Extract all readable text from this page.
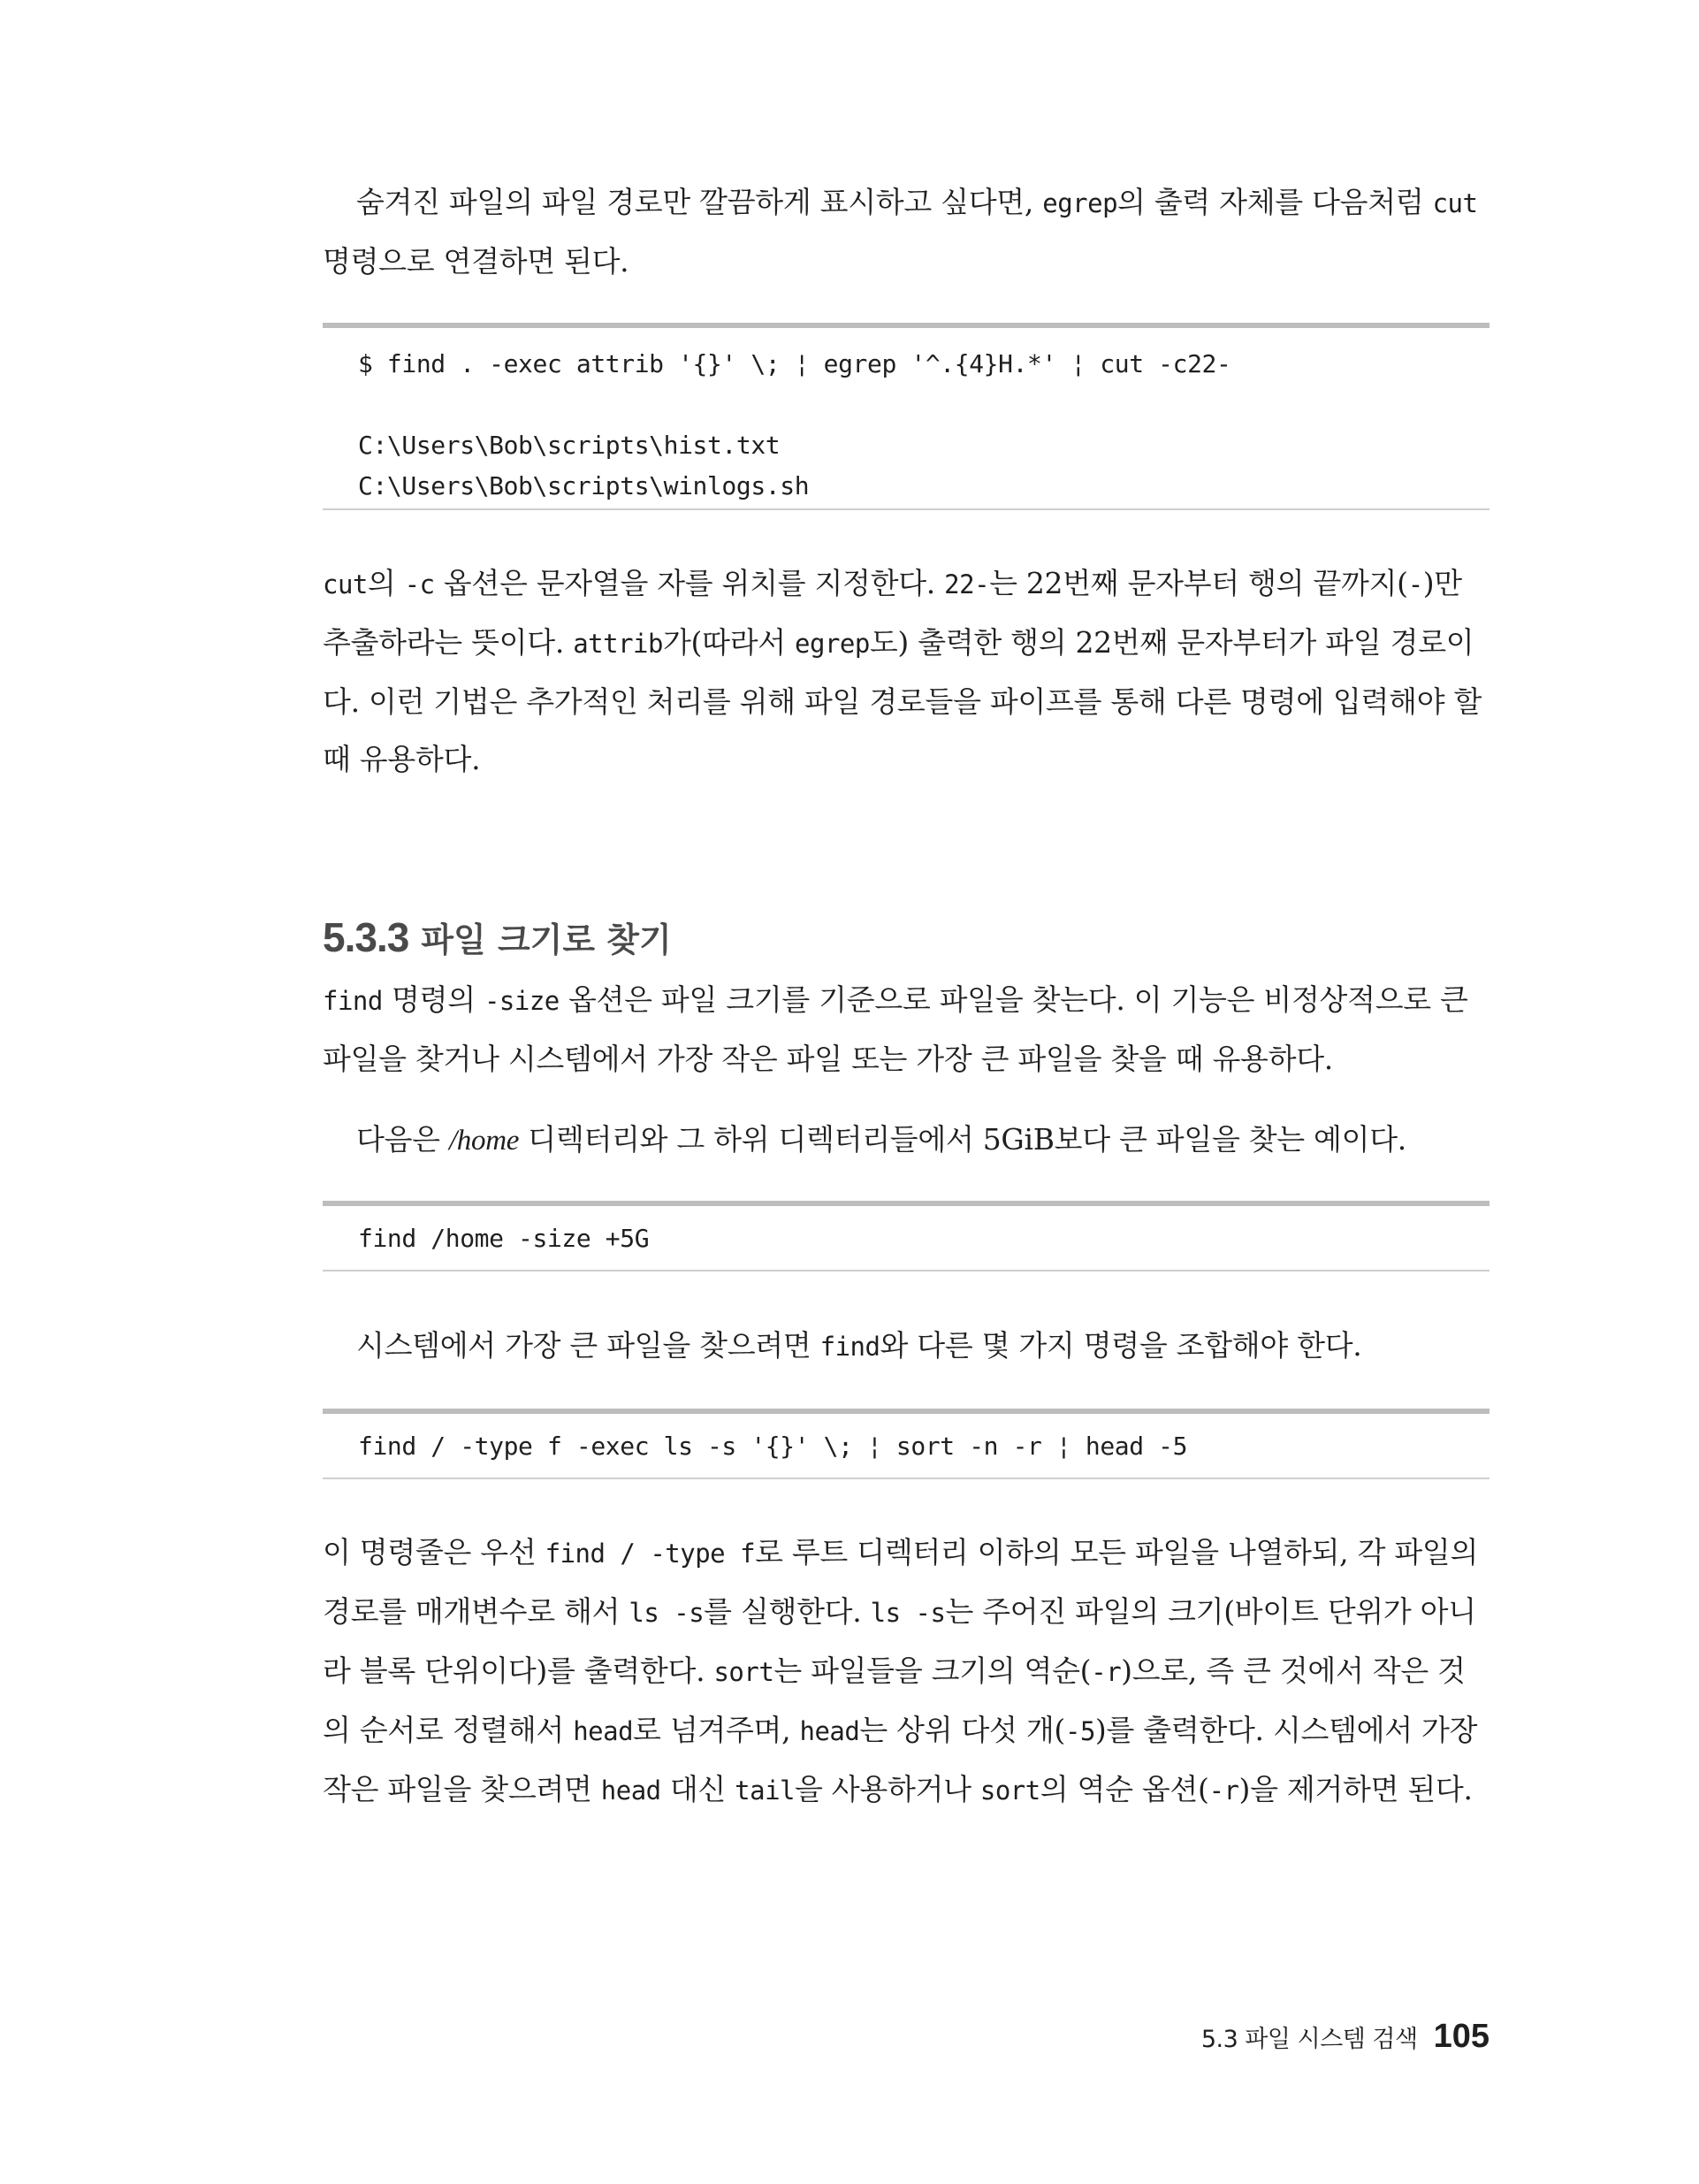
숨겨진 파일의 파일 경로만 깔끔하게 표시하고 싶다면, egrep의 출력 자체를 다음처럼 cut 명령으로 연결하면 된다.

$ find . -exec attrib '{}' \; ¦ egrep '^.{4}H.*' ¦ cut -c22-

C:\Users\Bob\scripts\hist.txt
C:\Users\Bob\scripts\winlogs.sh

cut의 -c 옵션은 문자열을 자를 위치를 지정한다. 22-는 22번째 문자부터 행의 끝까지(-)만 추출하라는 뜻이다. attrib가(따라서 egrep도) 출력한 행의 22번째 문자부터가 파일 경로이다. 이런 기법은 추가적인 처리를 위해 파일 경로들을 파이프를 통해 다른 명령에 입력해야 할 때 유용하다.

5.3.3 파일 크기로 찾기

find 명령의 -size 옵션은 파일 크기를 기준으로 파일을 찾는다. 이 기능은 비정상적으로 큰 파일을 찾거나 시스템에서 가장 작은 파일 또는 가장 큰 파일을 찾을 때 유용하다.

다음은 /home 디렉터리와 그 하위 디렉터리들에서 5GiB보다 큰 파일을 찾는 예이다.

find /home -size +5G

시스템에서 가장 큰 파일을 찾으려면 find와 다른 몇 가지 명령을 조합해야 한다.

find / -type f -exec ls -s '{}' \; ¦ sort -n -r ¦ head -5

이 명령줄은 우선 find / -type f로 루트 디렉터리 이하의 모든 파일을 나열하되, 각 파일의 경로를 매개변수로 해서 ls -s를 실행한다. ls -s는 주어진 파일의 크기(바이트 단위가 아니라 블록 단위이다)를 출력한다. sort는 파일들을 크기의 역순(-r)으로, 즉 큰 것에서 작은 것의 순서로 정렬해서 head로 넘겨주며, head는 상위 다섯 개(-5)를 출력한다. 시스템에서 가장 작은 파일을 찾으려면 head 대신 tail을 사용하거나 sort의 역순 옵션(-r)을 제거하면 된다.

5.3 파일 시스템 검색 105
